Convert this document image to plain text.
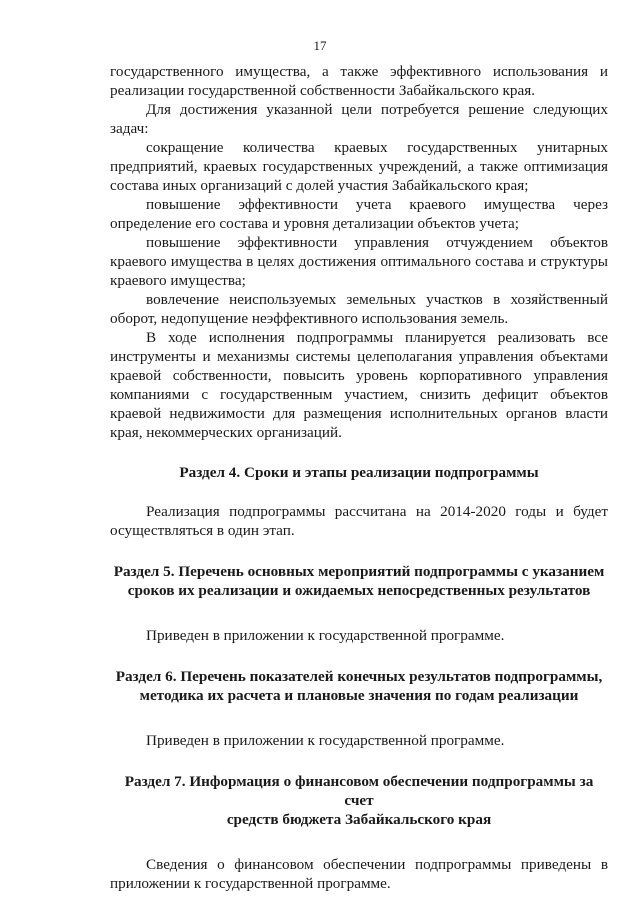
17

государственного имущества, а также эффективного использования и реализации государственной собственности Забайкальского края.

Для достижения указанной цели потребуется решение следующих задач:

сокращение количества краевых государственных унитарных предприятий, краевых государственных учреждений, а также оптимизация состава иных организаций с долей участия Забайкальского края;

повышение эффективности учета краевого имущества через определение его состава и уровня детализации объектов учета;

повышение эффективности управления отчуждением объектов краевого имущества в целях достижения оптимального состава и структуры краевого имущества;

вовлечение неиспользуемых земельных участков в хозяйственный оборот, недопущение неэффективного использования земель.

В ходе исполнения подпрограммы планируется реализовать все инструменты и механизмы системы целеполагания управления объектами краевой собственности, повысить уровень корпоративного управления компаниями с государственным участием, снизить дефицит объектов краевой недвижимости для размещения исполнительных органов власти края, некоммерческих организаций.

Раздел 4. Сроки и этапы реализации подпрограммы

Реализация подпрограммы рассчитана на 2014-2020 годы и будет осуществляться в один этап.

Раздел 5. Перечень основных мероприятий подпрограммы с указанием
сроков их реализации и ожидаемых непосредственных результатов

Приведен в приложении к государственной программе.

Раздел 6. Перечень показателей конечных результатов подпрограммы,
методика их расчета и плановые значения по годам реализации

Приведен в приложении к государственной программе.

Раздел 7. Информация о финансовом обеспечении подпрограммы за счет
средств бюджета Забайкальского края

Сведения о финансовом обеспечении подпрограммы приведены в приложении к государственной программе.
